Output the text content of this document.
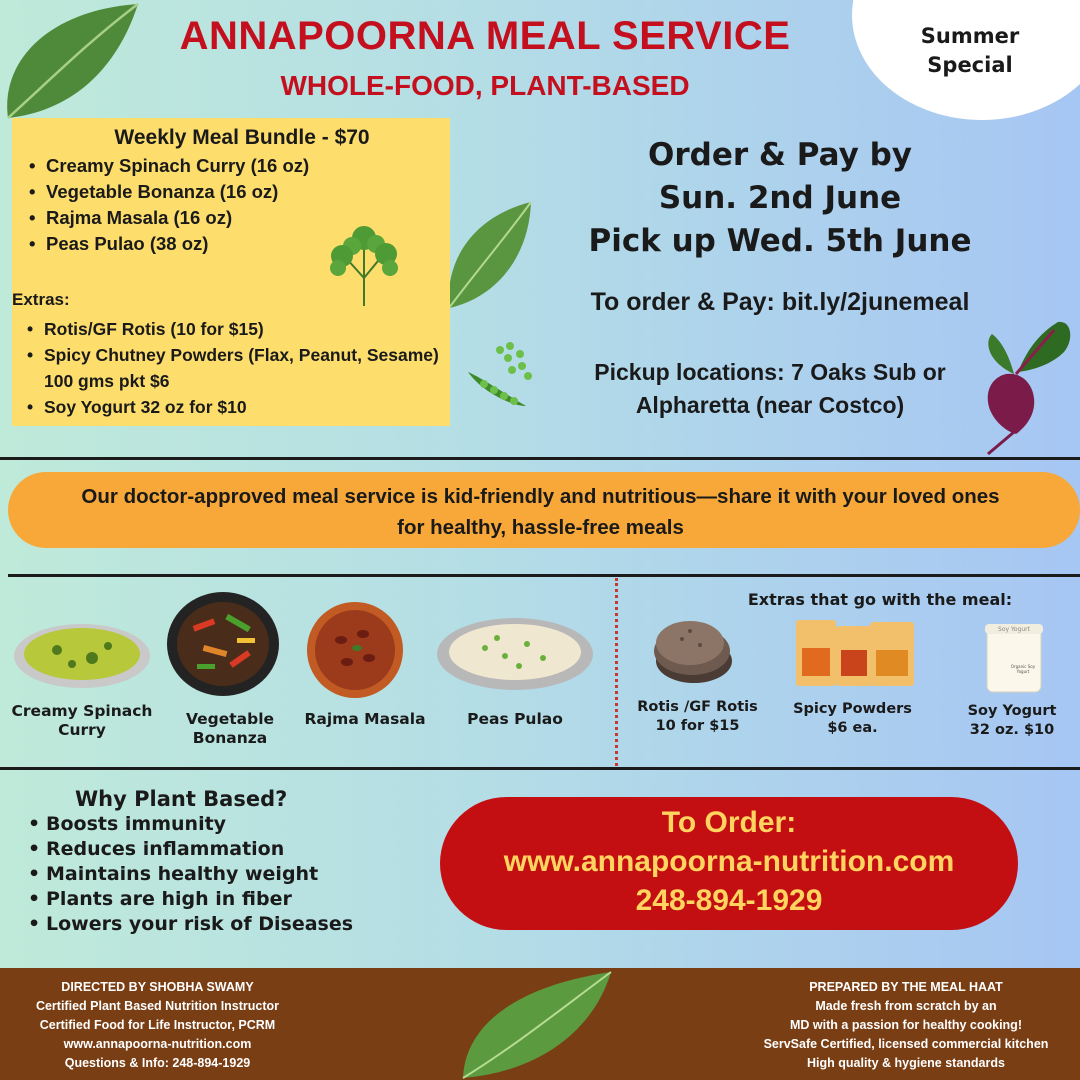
Summer
Special
ANNAPOORNA MEAL SERVICE
WHOLE-FOOD, PLANT-BASED
Weekly Meal Bundle - $70
• Creamy Spinach Curry (16 oz)
• Vegetable Bonanza (16 oz)
• Rajma Masala (16 oz)
• Peas Pulao (38 oz)
Extras:
• Rotis/GF Rotis (10 for $15)
• Spicy Chutney Powders (Flax, Peanut, Sesame) 100 gms pkt $6
• Soy Yogurt 32 oz for $10
Order & Pay by
Sun. 2nd June
Pick up Wed. 5th June
To order & Pay: bit.ly/2junemeal
Pickup locations: 7 Oaks Sub or
Alpharetta (near Costco)
Our doctor-approved meal service is kid-friendly and nutritious—share it with your loved ones
for healthy, hassle-free meals
Creamy Spinach
Curry
Vegetable
Bonanza
Rajma Masala	Peas Pulao
Extras that go with the meal:
Soy Yogurt
Organic Soy
Yogurt
Rotis /GF Rotis
10 for $15
Spicy Powders
$6 ea.
Soy Yogurt
32 oz. $10
Why Plant Based?
• Boosts immunity
• Reduces inflammation
• Maintains healthy weight
• Plants are high in fiber
• Lowers your risk of Diseases
To Order:
www.annapoorna-nutrition.com
248-894-1929
DIRECTED BY SHOBHA SWAMY
Certified Plant Based Nutrition Instructor
Certified Food for Life Instructor, PCRM
www.annapoorna-nutrition.com
Questions & Info: 248-894-1929
PREPARED BY THE MEAL HAAT
Made fresh from scratch by an
MD with a passion for healthy cooking!
ServSafe Certified, licensed commercial kitchen
High quality & hygiene standards
